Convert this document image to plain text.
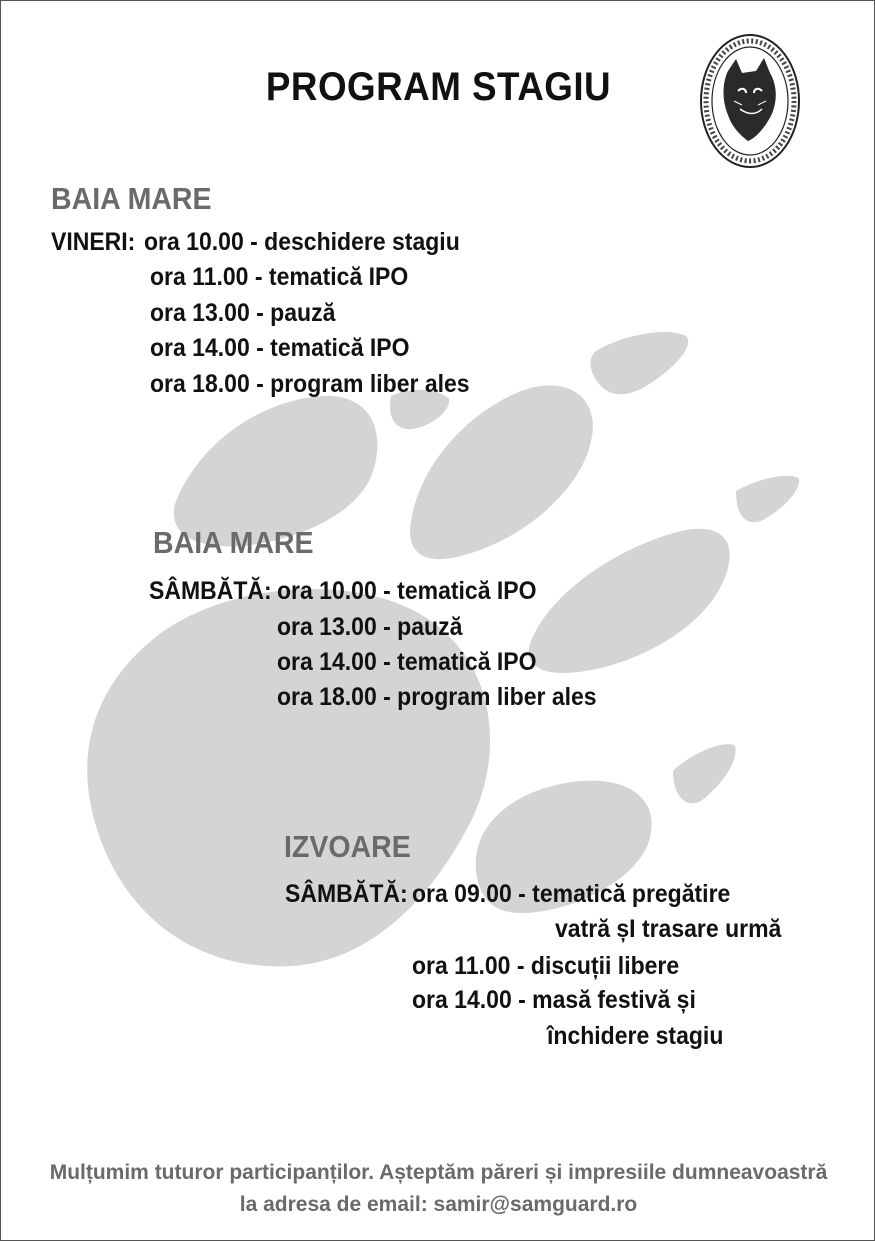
PROGRAM STAGIU
BAIA MARE
VINERI: ora 10.00 - deschidere stagiu
ora 11.00 - tematică IPO
ora 13.00 - pauză
ora 14.00 - tematică IPO
ora 18.00 - program liber ales
BAIA MARE
SÂMBĂTĂ: ora 10.00 - tematică IPO
ora 13.00 - pauză
ora 14.00 - tematică IPO
ora 18.00 - program liber ales
IZVOARE
SÂMBĂTĂ: ora 09.00 - tematică pregătire
vatră șI trasare urmă
ora 11.00 - discuții libere
ora 14.00 - masă festivă și
închidere stagiu
Mulțumim tuturor participanților. Așteptăm păreri și impresiile dumneavoastră
la adresa de email: samir@samguard.ro
